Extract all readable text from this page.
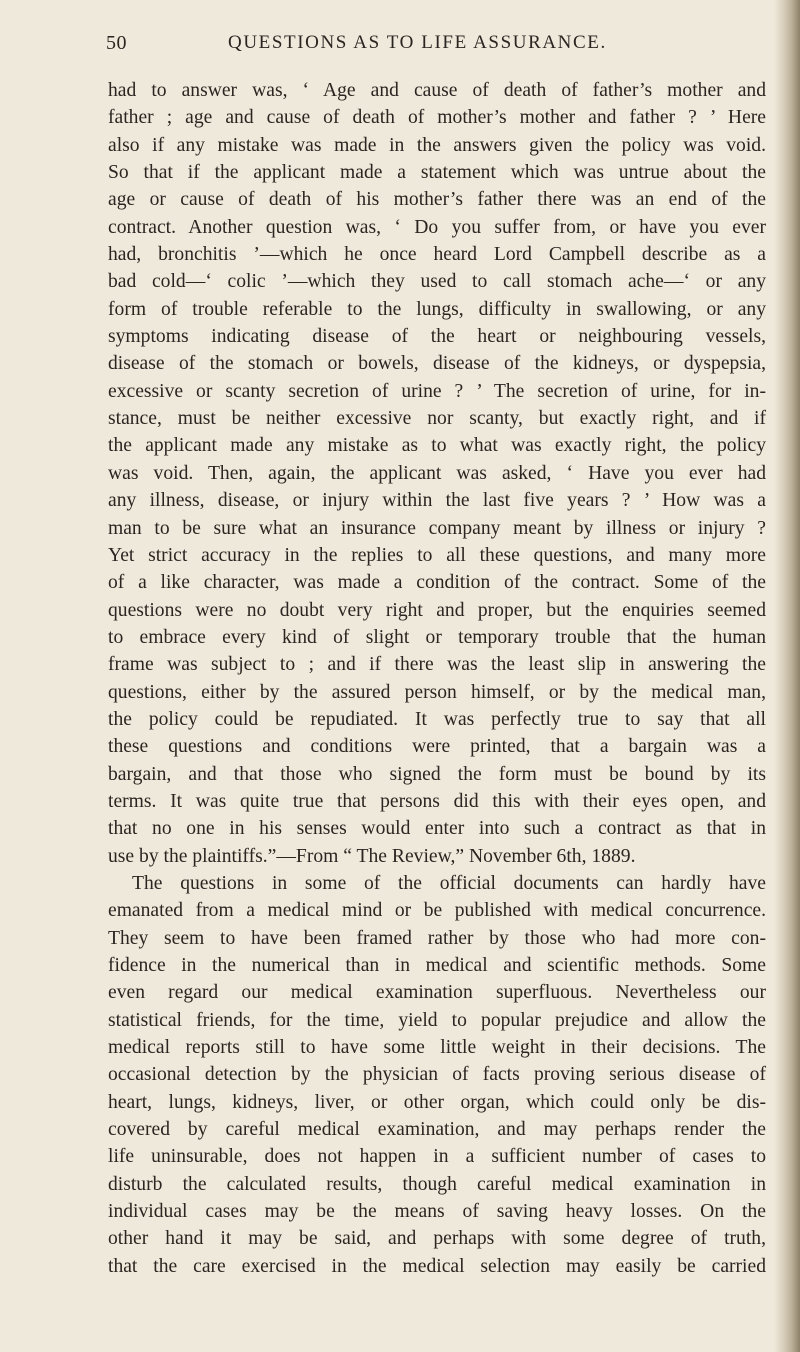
50	QUESTIONS AS TO LIFE ASSURANCE.
had to answer was, ‘ Age and cause of death of father’s mother and
father ; age and cause of death of mother’s mother and father ? ’ Here
also if any mistake was made in the answers given the policy was void.
So that if the applicant made a statement which was untrue about the
age or cause of death of his mother’s father there was an end of the
contract. Another question was, ‘ Do you suffer from, or have you ever
had, bronchitis ’—which he once heard Lord Campbell describe as a
bad cold—‘ colic ’—which they used to call stomach ache—‘ or any
form of trouble referable to the lungs, difficulty in swallowing, or any
symptoms indicating disease of the heart or neighbouring vessels,
disease of the stomach or bowels, disease of the kidneys, or dyspepsia,
excessive or scanty secretion of urine ? ’ The secretion of urine, for in-
stance, must be neither excessive nor scanty, but exactly right, and if
the applicant made any mistake as to what was exactly right, the policy
was void. Then, again, the applicant was asked, ‘ Have you ever had
any illness, disease, or injury within the last five years ? ’ How was a
man to be sure what an insurance company meant by illness or injury ?
Yet strict accuracy in the replies to all these questions, and many more
of a like character, was made a condition of the contract. Some of the
questions were no doubt very right and proper, but the enquiries seemed
to embrace every kind of slight or temporary trouble that the human
frame was subject to ; and if there was the least slip in answering the
questions, either by the assured person himself, or by the medical man,
the policy could be repudiated. It was perfectly true to say that all
these questions and conditions were printed, that a bargain was a
bargain, and that those who signed the form must be bound by its
terms. It was quite true that persons did this with their eyes open, and
that no one in his senses would enter into such a contract as that in
use by the plaintiffs.”—From “ The Review,” November 6th, 1889.
The questions in some of the official documents can hardly have
emanated from a medical mind or be published with medical concurrence.
They seem to have been framed rather by those who had more con-
fidence in the numerical than in medical and scientific methods. Some
even regard our medical examination superfluous. Nevertheless our
statistical friends, for the time, yield to popular prejudice and allow the
medical reports still to have some little weight in their decisions. The
occasional detection by the physician of facts proving serious disease of
heart, lungs, kidneys, liver, or other organ, which could only be dis-
covered by careful medical examination, and may perhaps render the
life uninsurable, does not happen in a sufficient number of cases to
disturb the calculated results, though careful medical examination in
individual cases may be the means of saving heavy losses. On the
other hand it may be said, and perhaps with some degree of truth,
that the care exercised in the medical selection may easily be carried
